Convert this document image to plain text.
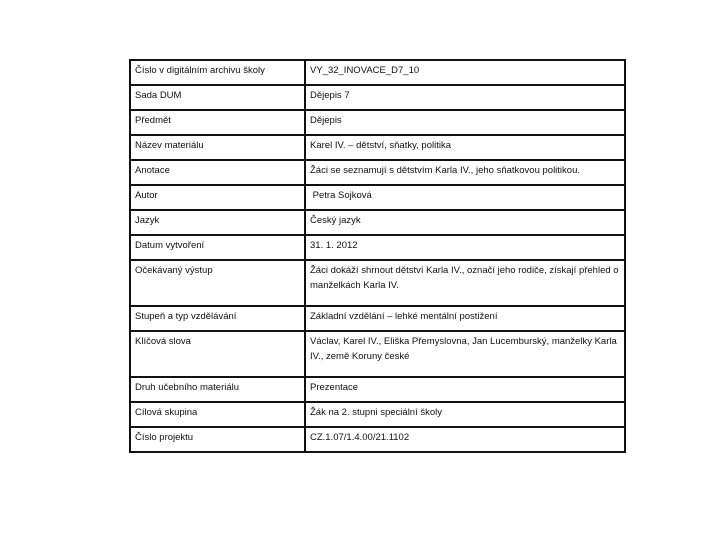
Číslo v digitálním archivu školy	VY_32_INOVACE_D7_10
Sada DUM	Dějepis 7
Předmět	Dějepis
Název materiálu	Karel IV. – dětství, sňatky, politika
Anotace	Žáci se seznamují s dětstvím Karla IV., jeho sňatkovou politikou.
Autor	Petra Sojková
Jazyk	Český jazyk
Datum vytvoření	31. 1. 2012
Očekávaný výstup	Žáci dokáží shrnout dětství Karla IV., označí jeho rodiče, získají přehled o manželkách Karla IV.
Stupeň a typ vzdělávání	Základní vzdělání – lehké mentální postižení
Klíčová slova	Václav, Karel IV., Eliška Přemyslovna, Jan Lucemburský, manželky Karla IV., země Koruny české
Druh učebního materiálu	Prezentace
Cílová skupina	Žák na 2. stupni speciální školy
Číslo projektu	CZ.1.07/1.4.00/21.1102
